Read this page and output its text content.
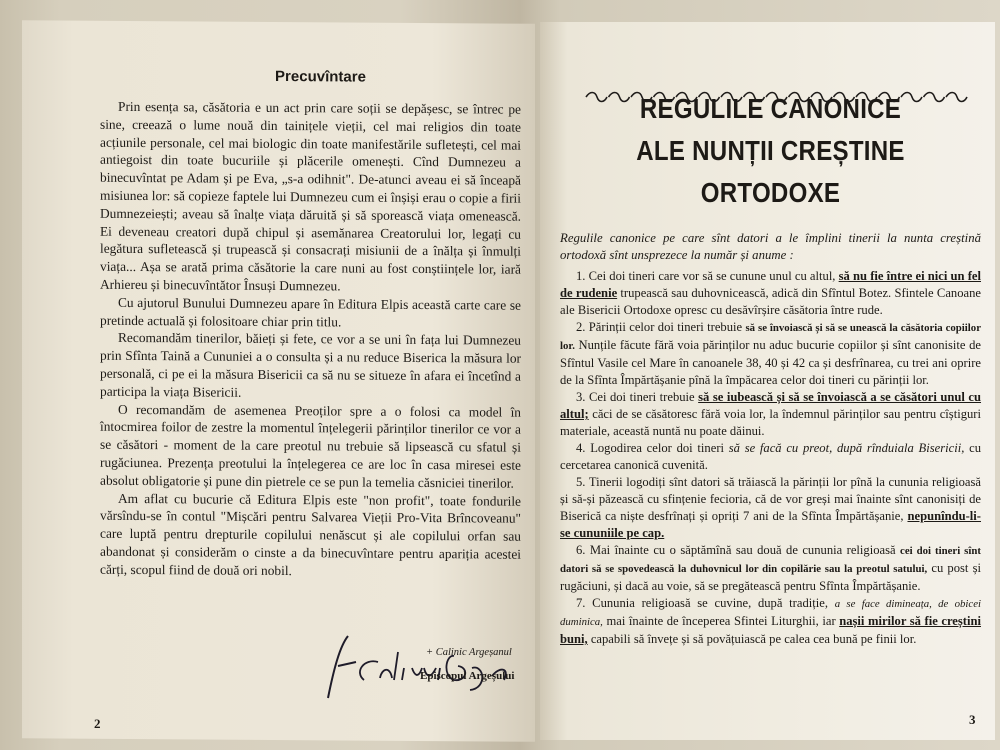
Precuvîntare

Prin esența sa, căsătoria e un act prin care soții se depășesc, se întrec pe sine, creează o lume nouă din tainițele vieții, cel mai religios din toate acțiunile personale, cel mai biologic din toate manifestările sufletești, cel mai antiegoist din toate bucuriile și plăcerile omenești. Cînd Dumnezeu a binecuvîntat pe Adam și pe Eva, „s-a odihnit". De-atunci aveau ei să înceapă misiunea lor: să copieze faptele lui Dumnezeu cum ei înșiși erau o copie a firii Dumnezeiești; aveau să înalțe viața dăruită și să sporească viața omenească. Ei deveneau creatori după chipul și asemănarea Creatorului lor, legați cu legătura sufletească și trupească și consacrați misiunii de a înălța și înmulți viața... Așa se arată prima căsătorie la care nuni au fost conștiințele lor, iară Arhiereu și binecuvîntător Însuși Dumnezeu.

Cu ajutorul Bunului Dumnezeu apare în Editura Elpis această carte care se pretinde actuală și folositoare chiar prin titlu.

Recomandăm tinerilor, băieți și fete, ce vor a se uni în fața lui Dumnezeu prin Sfînta Taină a Cununiei a o consulta și a nu reduce Biserica la măsura lor personală, ci pe ei la măsura Bisericii ca să nu se situeze în afara ei încetînd a participa la viața Bisericii.

O recomandăm de asemenea Preoților spre a o folosi ca model în întocmirea foilor de zestre la momentul înțelegerii părinților tinerilor ce vor a se căsători - moment de la care preotul nu trebuie să lipsească cu sfatul și rugăciunea. Prezența preotului la înțelegerea ce are loc în casa miresei este absolut obligatorie și pune din pietrele ce se pun la temelia căsniciei tinerilor.

Am aflat cu bucurie că Editura Elpis este "non profit", toate fondurile vărsîndu-se în contul "Mișcări pentru Salvarea Vieții Pro-Vita Brîncoveanu" care luptă pentru drepturile copilului nenăscut și ale copilului orfan sau abandonat și considerăm o cinste a da binecuvîntare pentru apariția acestei cărți, scopul fiind de două ori nobil.

+ Calinic Argeșanul
Episcopul Argeșului
2
REGULILE CANONICE
ALE NUNȚII CREȘTINE
ORTODOXE

Regulile canonice pe care sînt datori a le împlini tinerii la nunta creștină ortodoxă sînt unsprezece la număr și anume :

1. Cei doi tineri care vor să se cunune unul cu altul, să nu fie între ei nici un fel de rudenie trupească sau duhovnicească, adică din Sfîntul Botez. Sfintele Canoane ale Bisericii Ortodoxe opresc cu desăvîrșire căsătoria între rude.

2. Părinții celor doi tineri trebuie să se învoiască și să se unească la căsătoria copiilor lor. Nunțile făcute fără voia părinților nu aduc bucurie copiilor și sînt canonisite de Sfîntul Vasile cel Mare în canoanele 38, 40 și 42 ca și desfrînarea, cu trei ani oprire de la Sfînta Împărtășanie pînă la împăcarea celor doi tineri cu părinții lor.

3. Cei doi tineri trebuie să se iubească și să se învoiască a se căsători unul cu altul; căci de se căsătoresc fără voia lor, la îndemnul părinților sau pentru cîștiguri materiale, această nuntă nu poate dăinui.

4. Logodirea celor doi tineri să se facă cu preot, după rînduiala Bisericii, cu cercetarea canonică cuvenită.

5. Tinerii logodiți sînt datori să trăiască la părinții lor pînă la cununia religioasă și să-și păzească cu sfințenie fecioria, că de vor greși mai înainte sînt canonisiți de Biserică ca niște desfrînați și opriți 7 ani de la Sfînta Împărtășanie, nepunîndu-li-se cununiile pe cap.

6. Mai înainte cu o săptămînă sau două de cununia religioasă cei doi tineri sînt datori să se spovedească la duhovnicul lor din copilărie sau la preotul satului, cu post și rugăciuni, și dacă au voie, să se pregătească pentru Sfînta Împărtășanie.

7. Cununia religioasă se cuvine, după tradiție, a se face dimineața, de obicei duminica, mai înainte de începerea Sfintei Liturghii, iar nașii mirilor să fie creștini buni, capabili să învețe și să povățuiască pe calea cea bună pe finii lor.

3
